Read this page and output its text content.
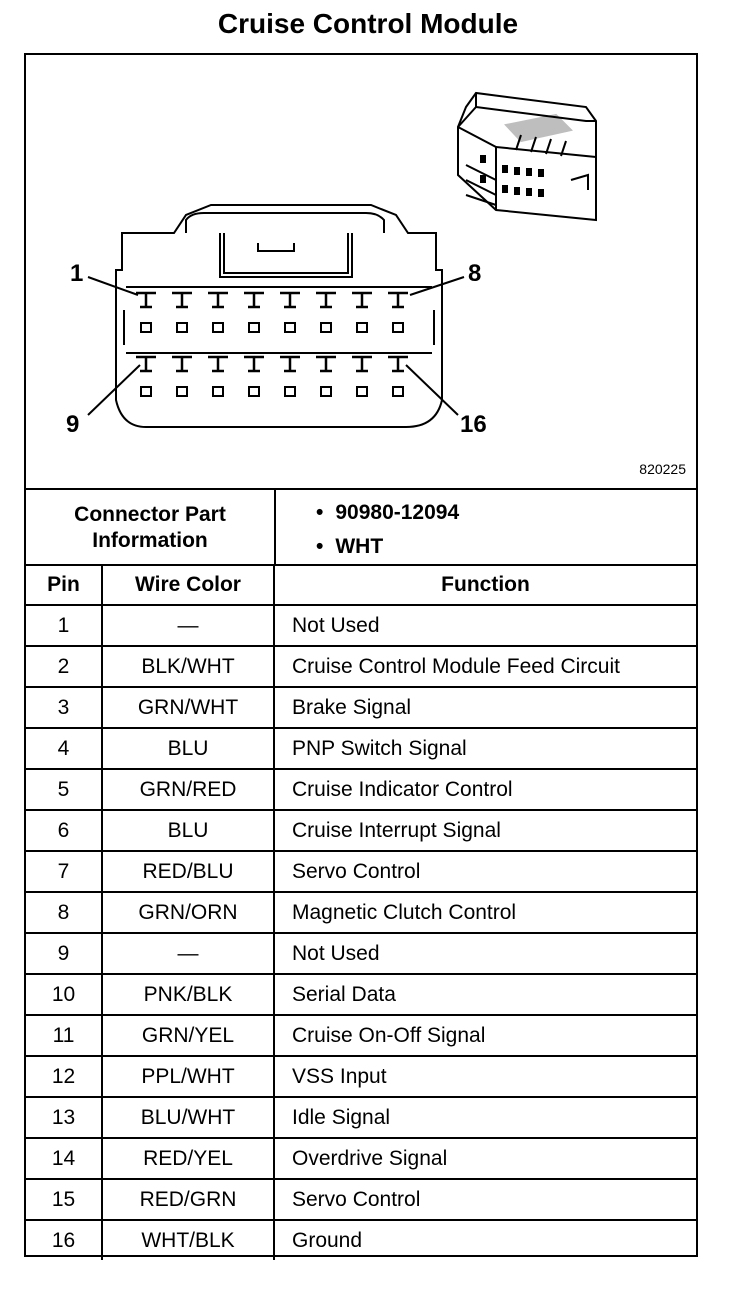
Cruise Control Module
1	8
9	16
820225
Connector Part
Information
• 90980-12094
• WHT
Pin	Wire Color	Function
1	—	Not Used
2	BLK/WHT	Cruise Control Module Feed Circuit
3	GRN/WHT	Brake Signal
4	BLU	PNP Switch Signal
5	GRN/RED	Cruise Indicator Control
6	BLU	Cruise Interrupt Signal
7	RED/BLU	Servo Control
8	GRN/ORN	Magnetic Clutch Control
9	—	Not Used
10	PNK/BLK	Serial Data
11	GRN/YEL	Cruise On-Off Signal
12	PPL/WHT	VSS Input
13	BLU/WHT	Idle Signal
14	RED/YEL	Overdrive Signal
15	RED/GRN	Servo Control
16	WHT/BLK	Ground
